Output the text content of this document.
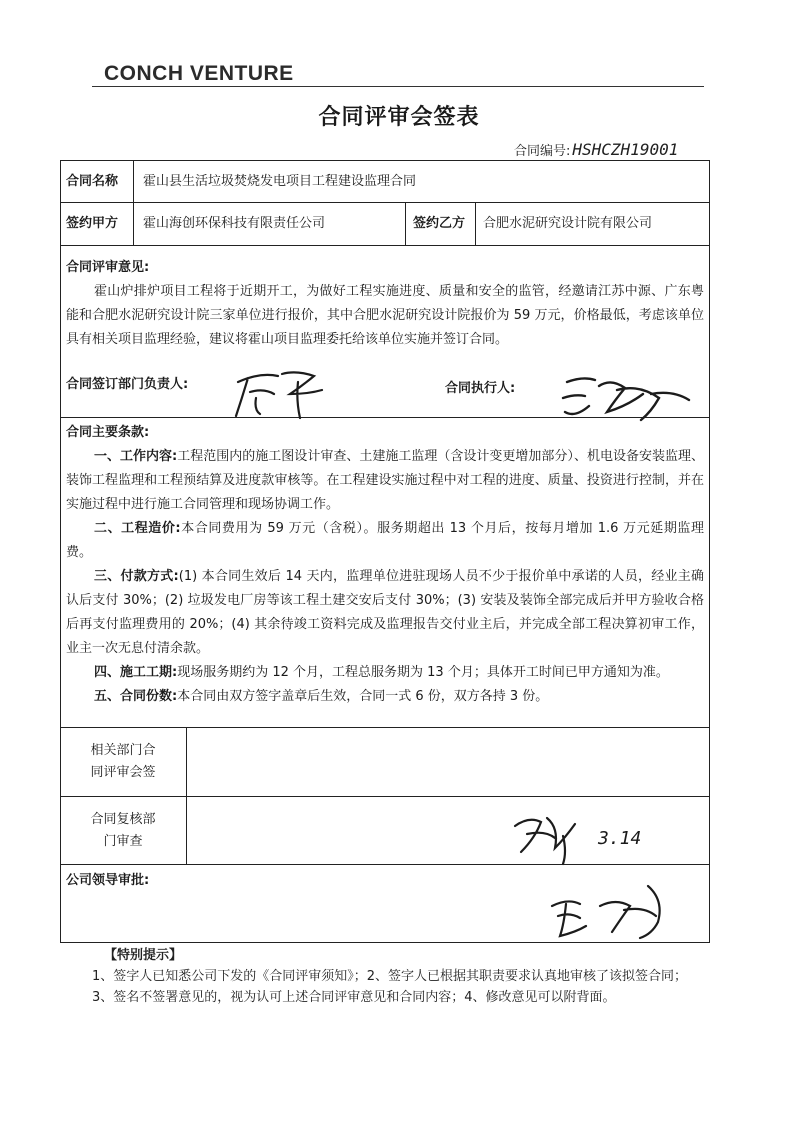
CONCH VENTURE
合同评审会签表
合同编号: HSHCZH19001
合同名称 霍山县生活垃圾焚烧发电项目工程建设监理合同
签约甲方 霍山海创环保科技有限责任公司	签约乙方 合肥水泥研究设计院有限公司

合同评审意见:

霍山炉排炉项目工程将于近期开工，为做好工程实施进度、质量和安全的监管，经邀请江苏中源、广东粤能和合肥水泥研究设计院三家单位进行报价，其中合肥水泥研究设计院报价为 59 万元，价格最低，考虑该单位具有相关项目监理经验，建议将霍山项目监理委托给该单位实施并签订合同。

合同签订部门负责人:	合同执行人:

合同主要条款:

一、工作内容:工程范围内的施工图设计审查、土建施工监理（含设计变更增加部分）、机电设备安装监理、装饰工程监理和工程预结算及进度款审核等。在工程建设实施过程中对工程的进度、质量、投资进行控制，并在实施过程中进行施工合同管理和现场协调工作。

二、工程造价:本合同费用为 59 万元（含税）。服务期超出 13 个月后，按每月增加 1.6 万元延期监理费。

三、付款方式:(1) 本合同生效后 14 天内，监理单位进驻现场人员不少于报价单中承诺的人员，经业主确认后支付 30%；(2) 垃圾发电厂房等该工程土建交安后支付 30%；(3) 安装及装饰全部完成后并甲方验收合格后再支付监理费用的 20%；(4) 其余待竣工资料完成及监理报告交付业主后，并完成全部工程决算初审工作，业主一次无息付清余款。

四、施工工期:现场服务期约为 12 个月，工程总服务期为 13 个月；具体开工时间已甲方通知为准。

五、合同份数:本合同由双方签字盖章后生效，合同一式 6 份，双方各持 3 份。

相关部门合同评审会签
合同复核部门审查	3.14
公司领导审批:
【特别提示】
1、签字人已知悉公司下发的《合同评审须知》；2、签字人已根据其职责要求认真地审核了该拟签合同；3、签名不签署意见的，视为认可上述合同评审意见和合同内容；4、修改意见可以附背面。
